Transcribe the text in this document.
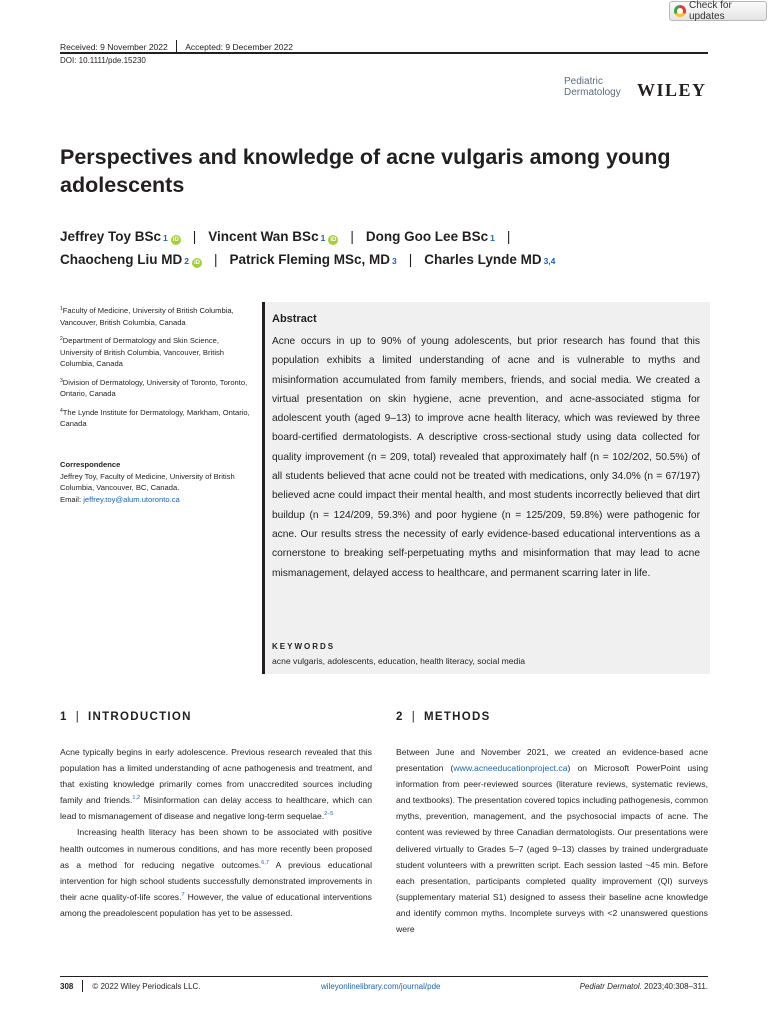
Check for updates
Received: 9 November 2022 Accepted: 9 December 2022
DOI: 10.1111/pde.15230
Pediatric
Dermatology WILEY
Perspectives and knowledge of acne vulgaris among young adolescents
Jeffrey Toy BSc 1 iD | Vincent Wan BSc 1 iD | Dong Goo Lee BSc 1 |
Chaocheng Liu MD 2 iD | Patrick Fleming MSc, MD 3 | Charles Lynde MD 3,4
$^1$Faculty of Medicine, University of British Columbia, Vancouver, British Columbia, Canada
$^2$Department of Dermatology and Skin Science, University of British Columbia, Vancouver, British Columbia, Canada
$^3$Division of Dermatology, University of Toronto, Toronto, Ontario, Canada
$^4$The Lynde Institute for Dermatology, Markham, Ontario, Canada
Correspondence
Jeffrey Toy, Faculty of Medicine, University of British Columbia, Vancouver, BC, Canada.
Email: jeffrey.toy@alum.utoronto.ca
Abstract
Acne occurs in up to 90% of young adolescents, but prior research has found that this population exhibits a limited understanding of acne and is vulnerable to myths and misinformation accumulated from family members, friends, and social media. We created a virtual presentation on skin hygiene, acne prevention, and acne-associated stigma for adolescent youth (aged 9–13) to improve acne health literacy, which was reviewed by three board-certified dermatologists. A descriptive cross-sectional study using data collected for quality improvement (n = 209, total) revealed that approximately half (n = 102/202, 50.5%) of all students believed that acne could not be treated with medications, only 34.0% (n = 67/197) believed acne could impact their mental health, and most students incorrectly believed that dirt buildup (n = 124/209, 59.3%) and poor hygiene (n = 125/209, 59.8%) were pathogenic for acne. Our results stress the necessity of early evidence-based educational interventions as a cornerstone to breaking self-perpetuating myths and misinformation that may lead to acne mismanagement, delayed access to healthcare, and permanent scarring later in life.
KEYWORDS
acne vulgaris, adolescents, education, health literacy, social media
1 | INTRODUCTION	2 | METHODS

Acne typically begins in early adolescence. Previous research revealed that this population has a limited understanding of acne pathogenesis and treatment, and that existing knowledge primarily comes from unaccredited sources including family and friends.$^{1,2}$ Misinformation can delay access to healthcare, which can lead to mismanagement of disease and negative long-term sequelae.$^{2-5}$

Increasing health literacy has been shown to be associated with positive health outcomes in numerous conditions, and has more recently been proposed as a method for reducing negative outcomes.$^{6,7}$ A previous educational intervention for high school students successfully demonstrated improvements in their acne quality-of-life scores.$^7$ However, the value of educational interventions among the preadolescent population has yet to be assessed.

Between June and November 2021, we created an evidence-based acne presentation (www.acneeducationproject.ca) on Microsoft PowerPoint using information from peer-reviewed sources (literature reviews, systematic reviews, and textbooks). The presentation covered topics including pathogenesis, common myths, prevention, management, and the psychosocial impacts of acne. The content was reviewed by three Canadian dermatologists. Our presentations were delivered virtually to Grades 5–7 (aged 9–13) classes by trained undergraduate student volunteers with a prewritten script. Each session lasted ~45 min. Before each presentation, participants completed quality improvement (QI) surveys (supplementary material S1) designed to assess their baseline acne knowledge and identify common myths. Incomplete surveys with <2 unanswered questions were

308 © 2022 Wiley Periodicals LLC.	wileyonlinelibrary.com/journal/pde	Pediatr Dermatol. 2023;40:308–311.
